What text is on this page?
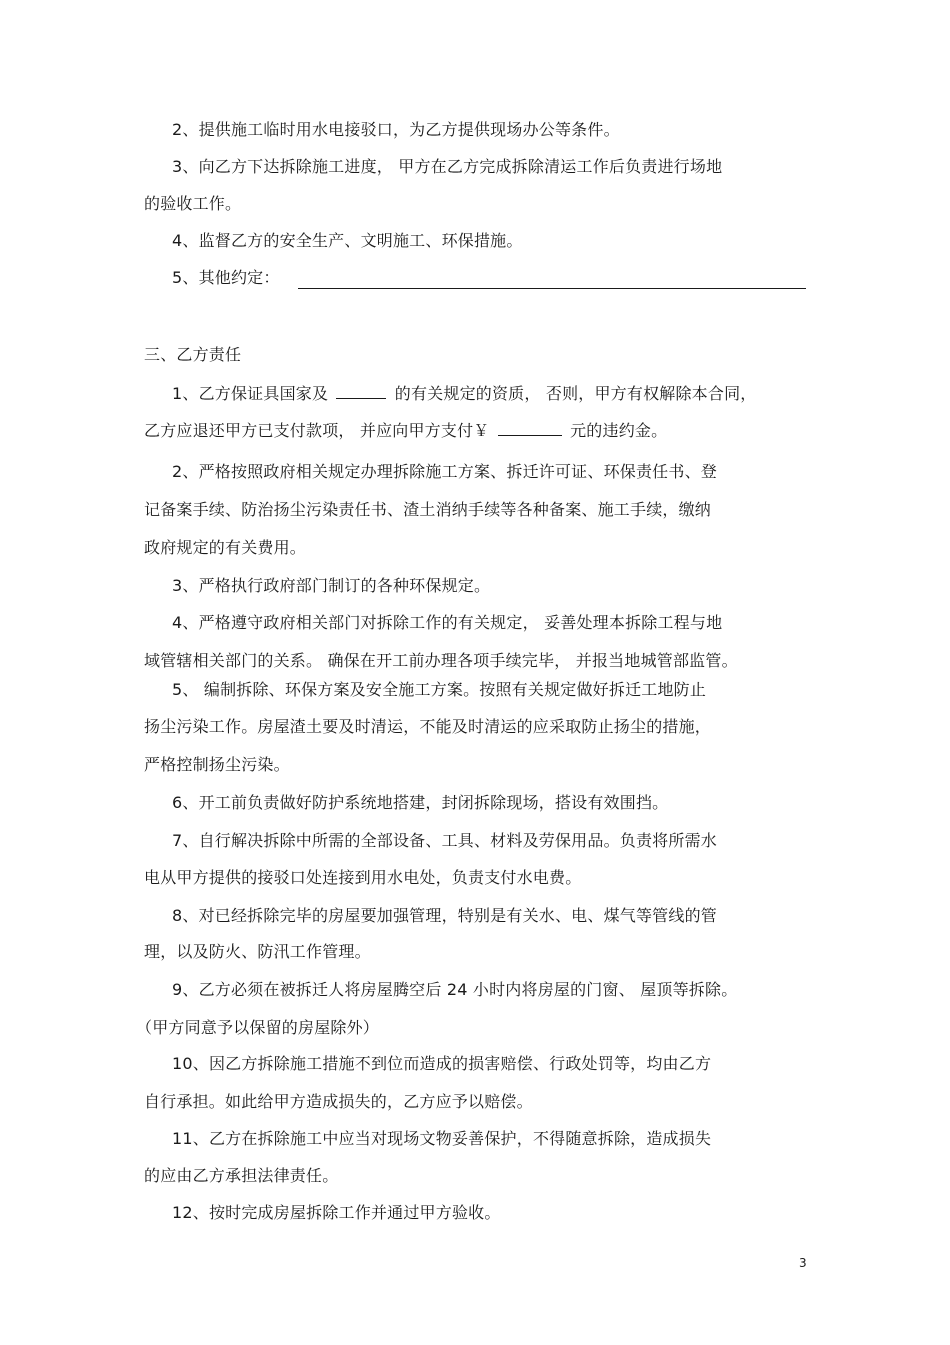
2、提供施工临时用水电接驳口，为乙方提供现场办公等条件。
3、向乙方下达拆除施工进度， 甲方在乙方完成拆除清运工作后负责进行场地
的验收工作。
4、监督乙方的安全生产、文明施工、环保措施。
5、其他约定：
三、乙方责任
1、乙方保证具国家及	的有关规定的资质， 否则，甲方有权解除本合同，
乙方应退还甲方已支付款项， 并应向甲方支付￥	元的违约金。
2、严格按照政府相关规定办理拆除施工方案、拆迁许可证、环保责任书、登
记备案手续、防治扬尘污染责任书、渣土消纳手续等各种备案、施工手续，缴纳
政府规定的有关费用。
3、严格执行政府部门制订的各种环保规定。
4、严格遵守政府相关部门对拆除工作的有关规定， 妥善处理本拆除工程与地
域管辖相关部门的关系。 确保在开工前办理各项手续完毕， 并报当地城管部监管。
5、 编制拆除、环保方案及安全施工方案。按照有关规定做好拆迁工地防止
扬尘污染工作。房屋渣土要及时清运，不能及时清运的应采取防止扬尘的措施，
严格控制扬尘污染。
6、开工前负责做好防护系统地搭建，封闭拆除现场，搭设有效围挡。
7、自行解决拆除中所需的全部设备、工具、材料及劳保用品。负责将所需水
电从甲方提供的接驳口处连接到用水电处，负责支付水电费。
8、对已经拆除完毕的房屋要加强管理，特别是有关水、电、煤气等管线的管
理，以及防火、防汛工作管理。
9、乙方必须在被拆迁人将房屋腾空后 24 小时内将房屋的门窗、 屋顶等拆除。
（甲方同意予以保留的房屋除外）
10、因乙方拆除施工措施不到位而造成的损害赔偿、行政处罚等，均由乙方
自行承担。如此给甲方造成损失的，乙方应予以赔偿。
11、乙方在拆除施工中应当对现场文物妥善保护，不得随意拆除，造成损失
的应由乙方承担法律责任。
12、按时完成房屋拆除工作并通过甲方验收。
3
